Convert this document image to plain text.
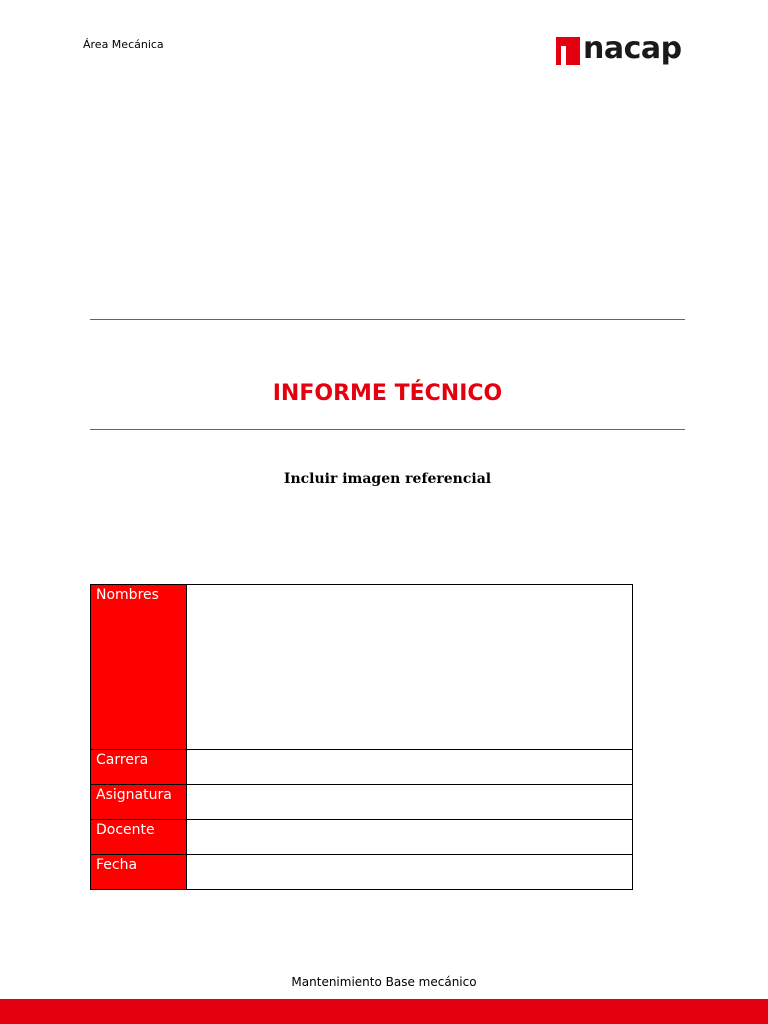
Área Mecánica	nacap
INFORME TÉCNICO
Incluir imagen referencial
Nombres	
Carrera	
Asignatura	
Docente	
Fecha	
Mantenimiento Base mecánico
